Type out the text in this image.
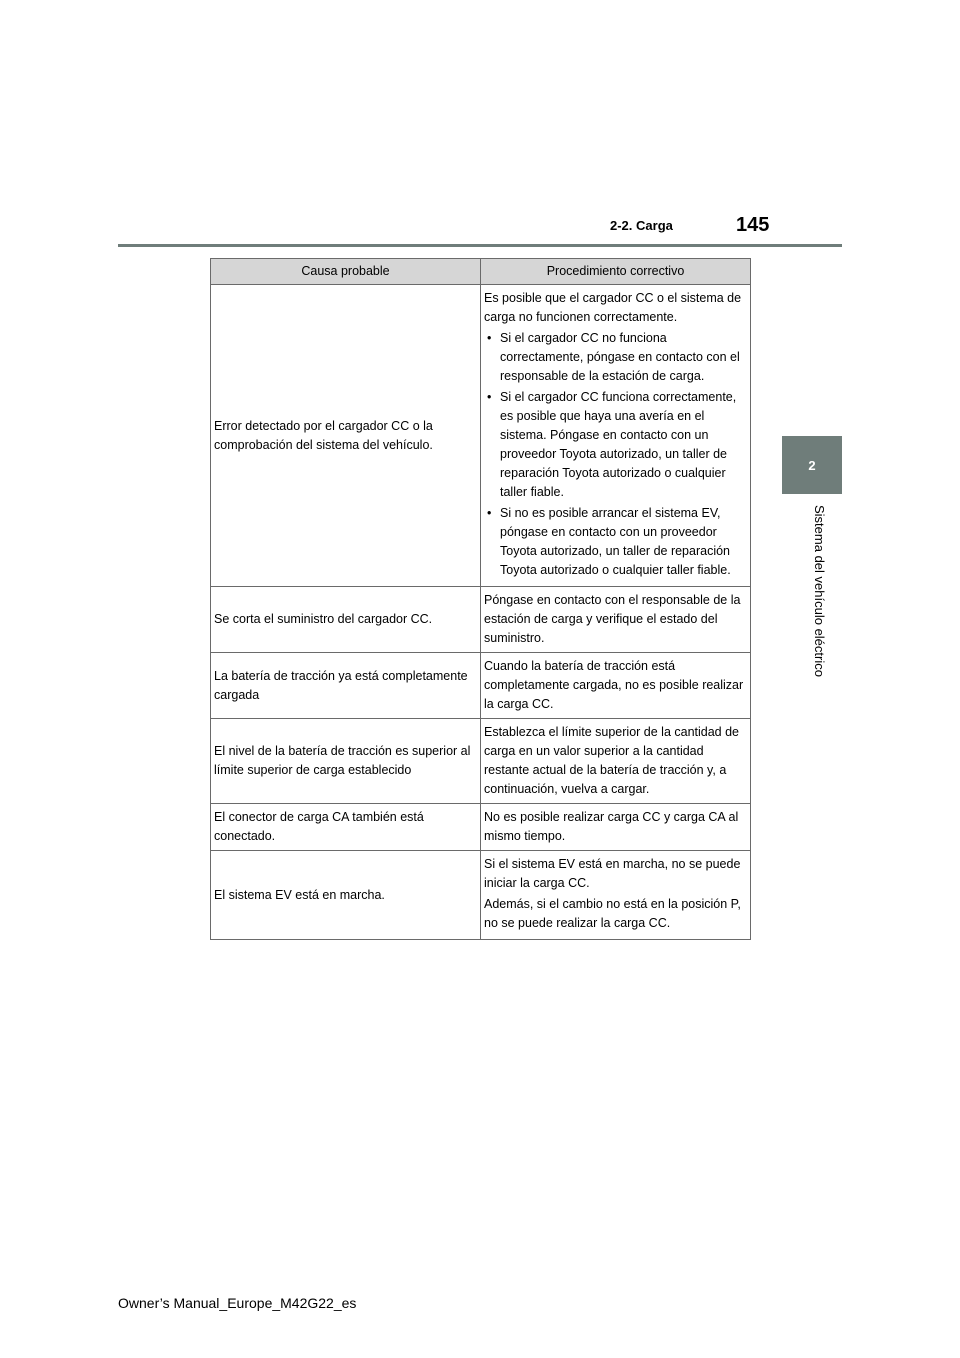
2-2. Carga	145
2
Sistema del vehículo eléctrico
Causa probable	Procedimiento correctivo
Error detectado por el cargador CC o la comprobación del sistema del vehículo.	Es posible que el cargador CC o el sistema de carga no funcionen correctamente.

• Si el cargador CC no funciona correctamente, póngase en contacto con el responsable de la estación de carga.

• Si el cargador CC funciona correctamente, es posible que haya una avería en el sistema. Póngase en contacto con un proveedor Toyota autorizado, un taller de reparación Toyota autorizado o cualquier taller fiable.

• Si no es posible arrancar el sistema EV, póngase en contacto con un proveedor Toyota autorizado, un taller de reparación Toyota autorizado o cualquier taller fiable.

Se corta el suministro del cargador CC.	Póngase en contacto con el responsable de la estación de carga y verifique el estado del suministro.
La batería de tracción ya está completamente cargada	Cuando la batería de tracción está completamente cargada, no es posible realizar la carga CC.
El nivel de la batería de tracción es superior al límite superior de carga establecido	Establezca el límite superior de la cantidad de carga en un valor superior a la cantidad restante actual de la batería de tracción y, a continuación, vuelva a cargar.
El conector de carga CA también está conectado.	No es posible realizar carga CC y carga CA al mismo tiempo.
El sistema EV está en marcha.	Si el sistema EV está en marcha, no se puede iniciar la carga CC.

Además, si el cambio no está en la posición P, no se puede realizar la carga CC.

Owner’s Manual_Europe_M42G22_es
